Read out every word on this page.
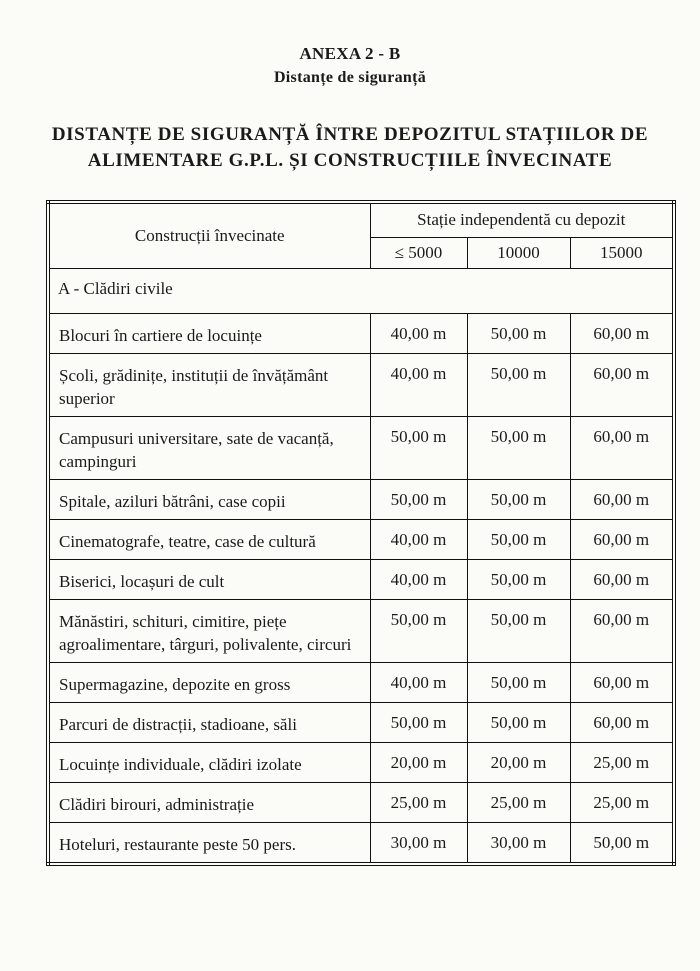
ANEXA 2 - B
Distanțe de siguranță
DISTANȚE DE SIGURANȚĂ ÎNTRE DEPOZITUL STAȚIILOR DE
ALIMENTARE G.P.L. ȘI CONSTRUCȚIILE ÎNVECINATE
Construcții învecinate	Stație independentă cu depozit		
	≤ 5000	10000	15000
A - Clădiri civile			
Blocuri în cartiere de locuințe	40,00 m	50,00 m	60,00 m
Școli, grădinițe, instituții de învățământ superior	40,00 m	50,00 m	60,00 m
Campusuri universitare, sate de vacanță, campinguri	50,00 m	50,00 m	60,00 m
Spitale, aziluri bătrâni, case copii	50,00 m	50,00 m	60,00 m
Cinematografe, teatre, case de cultură	40,00 m	50,00 m	60,00 m
Biserici, locașuri de cult	40,00 m	50,00 m	60,00 m
Mănăstiri, schituri, cimitire, piețe agroalimentare, târguri, polivalente, circuri	50,00 m	50,00 m	60,00 m
Supermagazine, depozite en gross	40,00 m	50,00 m	60,00 m
Parcuri de distracții, stadioane, săli	50,00 m	50,00 m	60,00 m
Locuințe individuale, clădiri izolate	20,00 m	20,00 m	25,00 m
Clădiri birouri, administrație	25,00 m	25,00 m	25,00 m
Hoteluri, restaurante peste 50 pers.	30,00 m	30,00 m	50,00 m
